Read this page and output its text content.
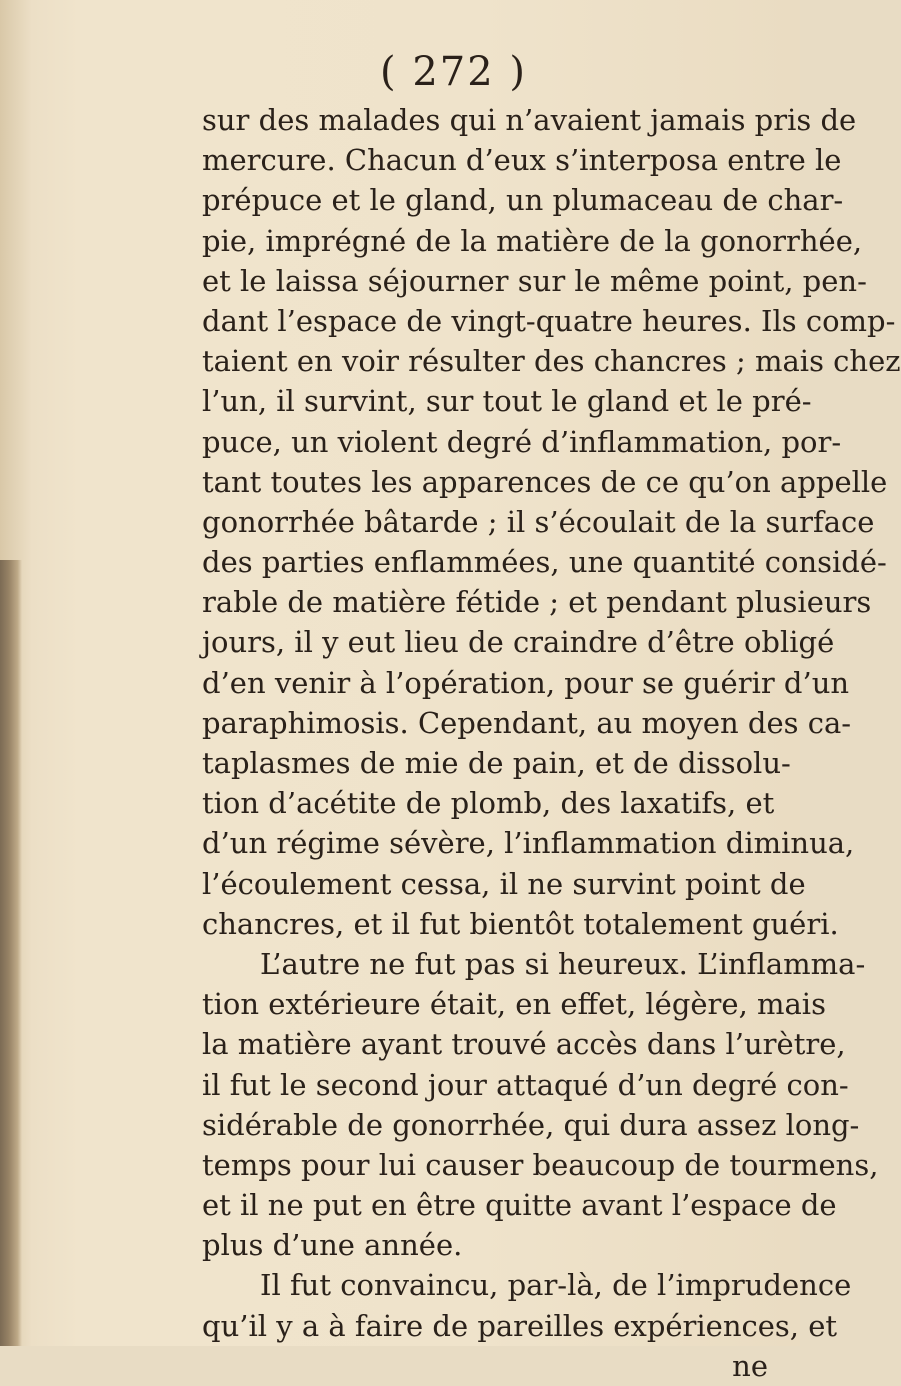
( 272 )
sur des malades qui n’avaient jamais pris de
mercure. Chacun d’eux s’interposa entre le
prépuce et le gland, un plumaceau de char-
pie, imprégné de la matière de la gonorrhée,
et le laissa séjourner sur le même point, pen-
dant l’espace de vingt-quatre heures. Ils comp-
taient en voir résulter des chancres ; mais chez
l’un, il survint, sur tout le gland et le pré-
puce, un violent degré d’inflammation, por-
tant toutes les apparences de ce qu’on appelle
gonorrhée bâtarde ; il s’écoulait de la surface
des parties enflammées, une quantité considé-
rable de matière fétide ; et pendant plusieurs
jours, il y eut lieu de craindre d’être obligé
d’en venir à l’opération, pour se guérir d’un
paraphimosis. Cependant, au moyen des ca-
taplasmes de mie de pain, et de dissolu-
tion d’acétite de plomb, des laxatifs, et
d’un régime sévère, l’inflammation diminua,
l’écoulement cessa, il ne survint point de
chancres, et il fut bientôt totalement guéri.
L’autre ne fut pas si heureux. L’inflamma-
tion extérieure était, en effet, légère, mais
la matière ayant trouvé accès dans l’urètre,
il fut le second jour attaqué d’un degré con-
sidérable de gonorrhée, qui dura assez long-
temps pour lui causer beaucoup de tourmens,
et il ne put en être quitte avant l’espace de
plus d’une année.
Il fut convaincu, par-là, de l’imprudence
qu’il y a à faire de pareilles expériences, et
ne
